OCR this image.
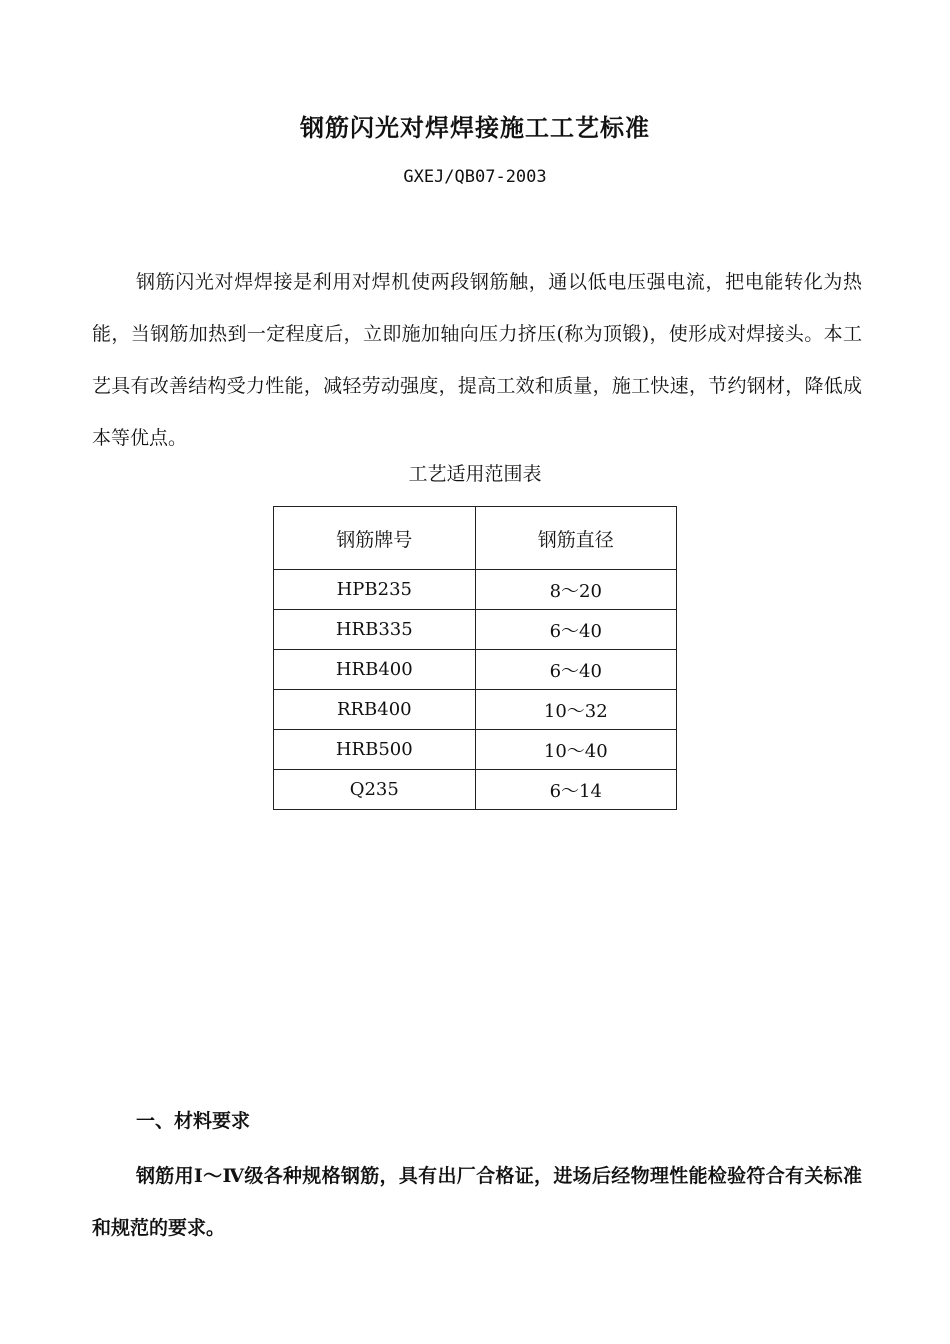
钢筋闪光对焊焊接施工工艺标准
GXEJ/QB07-2003

钢筋闪光对焊焊接是利用对焊机使两段钢筋触，通以低电压强电流，把电能转化为热能，当钢筋加热到一定程度后，立即施加轴向压力挤压(称为顶锻)，使形成对焊接头。本工艺具有改善结构受力性能，减轻劳动强度，提高工效和质量，施工快速，节约钢材，降低成本等优点。

工艺适用范围表
钢筋牌号	钢筋直径
HPB235	8～20
HRB335	6～40
HRB400	6～40
RRB400	10～32
HRB500	10～40
Q235	6～14
一、材料要求

钢筋用Ⅰ～Ⅳ级各种规格钢筋，具有出厂合格证，进场后经物理性能检验符合有关标准和规范的要求。
